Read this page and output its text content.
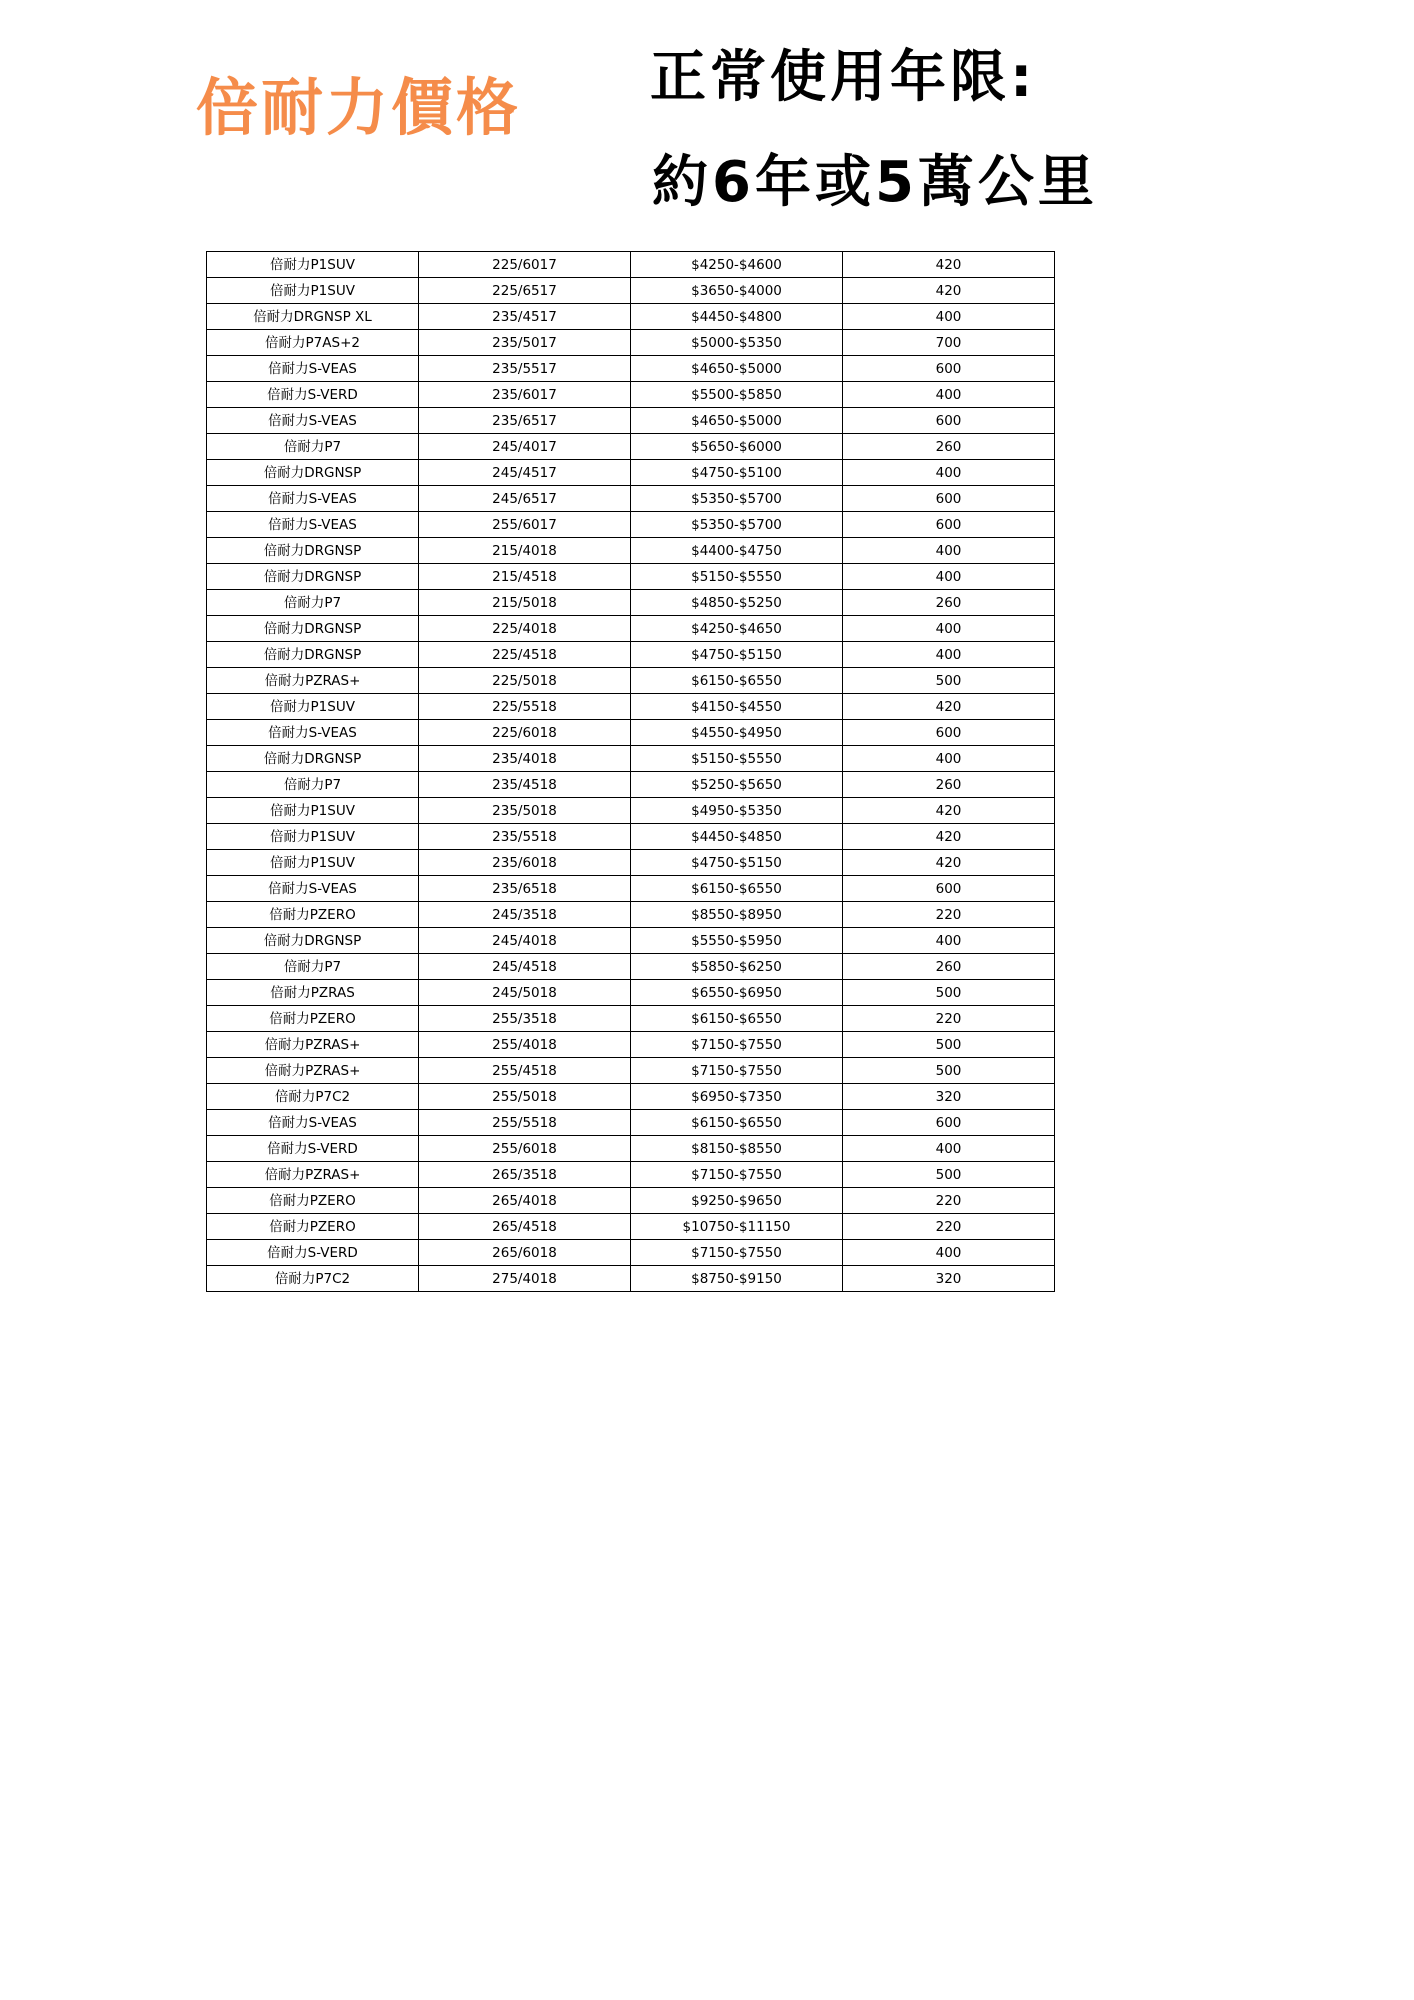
倍耐力價格 正常使用年限:
約6年或5萬公里
倍耐力P1SUV	225/6017	$4250-$4600	420
倍耐力P1SUV	225/6517	$3650-$4000	420
倍耐力DRGNSP XL	235/4517	$4450-$4800	400
倍耐力P7AS+2	235/5017	$5000-$5350	700
倍耐力S-VEAS	235/5517	$4650-$5000	600
倍耐力S-VERD	235/6017	$5500-$5850	400
倍耐力S-VEAS	235/6517	$4650-$5000	600
倍耐力P7	245/4017	$5650-$6000	260
倍耐力DRGNSP	245/4517	$4750-$5100	400
倍耐力S-VEAS	245/6517	$5350-$5700	600
倍耐力S-VEAS	255/6017	$5350-$5700	600
倍耐力DRGNSP	215/4018	$4400-$4750	400
倍耐力DRGNSP	215/4518	$5150-$5550	400
倍耐力P7	215/5018	$4850-$5250	260
倍耐力DRGNSP	225/4018	$4250-$4650	400
倍耐力DRGNSP	225/4518	$4750-$5150	400
倍耐力PZRAS+	225/5018	$6150-$6550	500
倍耐力P1SUV	225/5518	$4150-$4550	420
倍耐力S-VEAS	225/6018	$4550-$4950	600
倍耐力DRGNSP	235/4018	$5150-$5550	400
倍耐力P7	235/4518	$5250-$5650	260
倍耐力P1SUV	235/5018	$4950-$5350	420
倍耐力P1SUV	235/5518	$4450-$4850	420
倍耐力P1SUV	235/6018	$4750-$5150	420
倍耐力S-VEAS	235/6518	$6150-$6550	600
倍耐力PZERO	245/3518	$8550-$8950	220
倍耐力DRGNSP	245/4018	$5550-$5950	400
倍耐力P7	245/4518	$5850-$6250	260
倍耐力PZRAS	245/5018	$6550-$6950	500
倍耐力PZERO	255/3518	$6150-$6550	220
倍耐力PZRAS+	255/4018	$7150-$7550	500
倍耐力PZRAS+	255/4518	$7150-$7550	500
倍耐力P7C2	255/5018	$6950-$7350	320
倍耐力S-VEAS	255/5518	$6150-$6550	600
倍耐力S-VERD	255/6018	$8150-$8550	400
倍耐力PZRAS+	265/3518	$7150-$7550	500
倍耐力PZERO	265/4018	$9250-$9650	220
倍耐力PZERO	265/4518	$10750-$11150	220
倍耐力S-VERD	265/6018	$7150-$7550	400
倍耐力P7C2	275/4018	$8750-$9150	320
